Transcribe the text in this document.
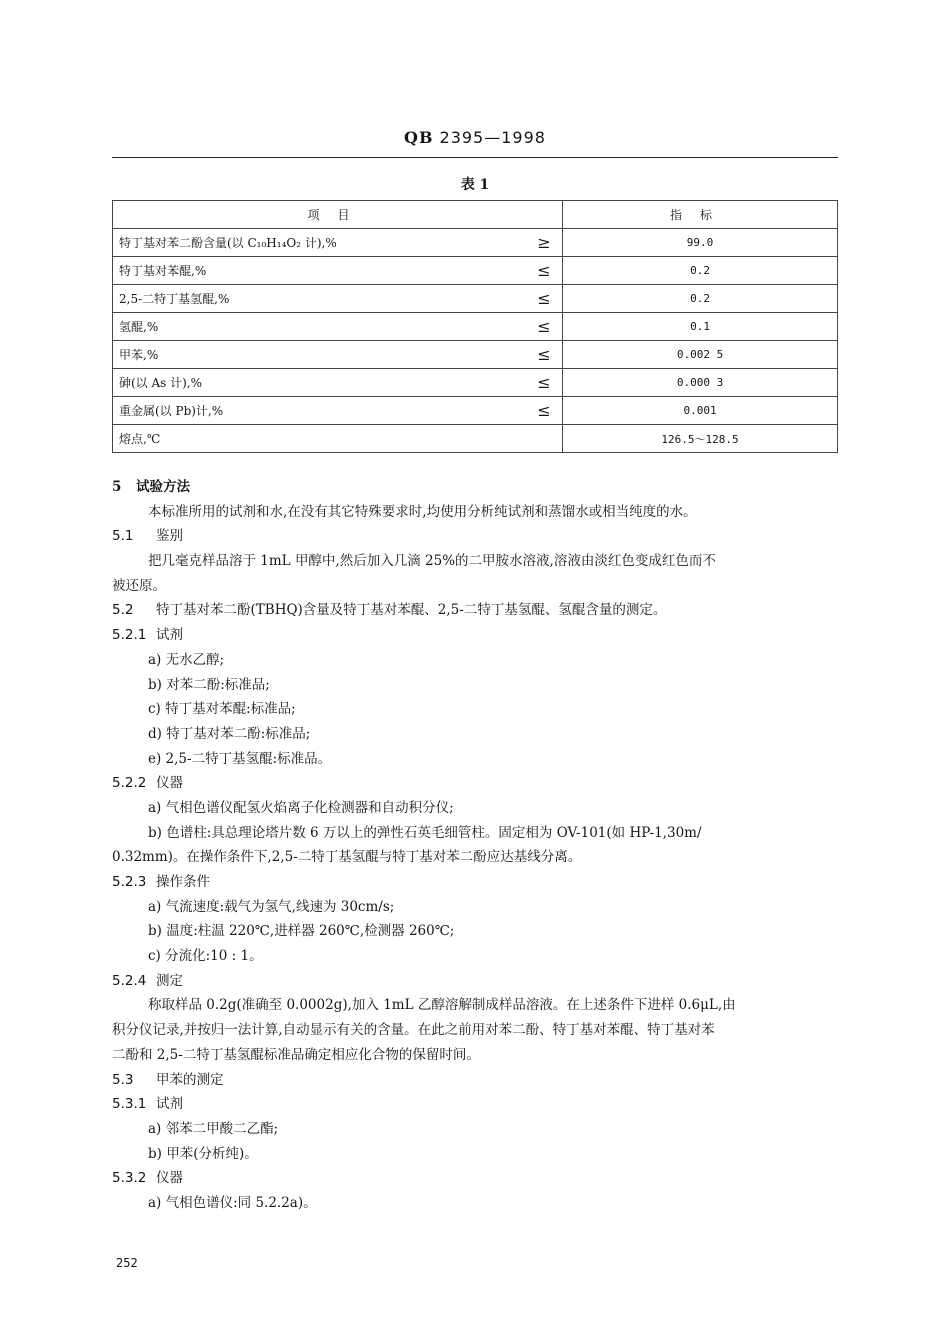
QB 2395—1998
表 1
项目		指标
特丁基对苯二酚含量(以 C₁₀H₁₄O₂ 计),%	≥	99.0
特丁基对苯醌,%	≤	0.2
2,5-二特丁基氢醌,%	≤	0.2
氢醌,%	≤	0.1
甲苯,%	≤	0.002 5
砷(以 As 计),%	≤	0.000 3
重金属(以 Pb)计,%	≤	0.001
熔点,℃		126.5～128.5

5 试验方法

本标准所用的试剂和水,在没有其它特殊要求时,均使用分析纯试剂和蒸馏水或相当纯度的水。

5.1 鉴别

把几毫克样品溶于 1mL 甲醇中,然后加入几滴 25%的二甲胺水溶液,溶液由淡红色变成红色而不

被还原。

5.2 特丁基对苯二酚(TBHQ)含量及特丁基对苯醌、2,5-二特丁基氢醌、氢醌含量的测定。

5.2.1 试剂

a) 无水乙醇;

b) 对苯二酚:标准品;

c) 特丁基对苯醌:标准品;

d) 特丁基对苯二酚:标准品;

e) 2,5-二特丁基氢醌:标准品。

5.2.2 仪器

a) 气相色谱仪配氢火焰离子化检测器和自动积分仪;

b) 色谱柱:具总理论塔片数 6 万以上的弹性石英毛细管柱。固定相为 OV-101(如 HP-1,30m/

0.32mm)。在操作条件下,2,5-二特丁基氢醌与特丁基对苯二酚应达基线分离。

5.2.3 操作条件

a) 气流速度:载气为氢气,线速为 30cm/s;

b) 温度:柱温 220℃,进样器 260℃,检测器 260℃;

c) 分流化:10 : 1。

5.2.4 测定

称取样品 0.2g(准确至 0.0002g),加入 1mL 乙醇溶解制成样品溶液。在上述条件下进样 0.6μL,由

积分仪记录,并按归一法计算,自动显示有关的含量。在此之前用对苯二酚、特丁基对苯醌、特丁基对苯

二酚和 2,5-二特丁基氢醌标准品确定相应化合物的保留时间。

5.3 甲苯的测定

5.3.1 试剂

a) 邻苯二甲酸二乙酯;

b) 甲苯(分析纯)。

5.3.2 仪器

a) 气相色谱仪:同 5.2.2a)。

252
